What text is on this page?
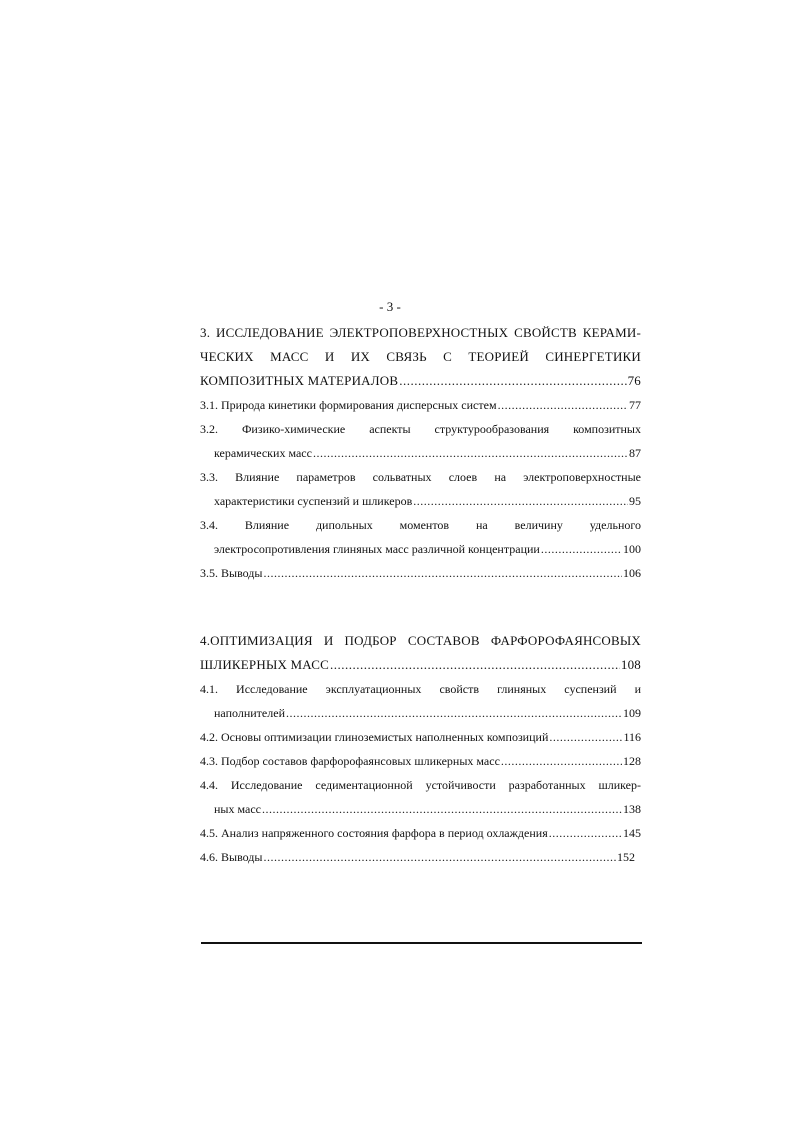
- 3 -
3. ИССЛЕДОВАНИЕ ЭЛЕКТРОПОВЕРХНОСТНЫХ СВОЙСТВ КЕРАМИ-
ЧЕСКИХ МАСС И ИХ СВЯЗЬ С ТЕОРИЕЙ СИНЕРГЕТИКИ
КОМПОЗИТНЫХ МАТЕРИАЛОВ .....	76
3.1. Природа кинетики формирования дисперсных систем .....	77
3.2. Физико-химические аспекты структурообразования композитных
керамических масс .....	87
3.3. Влияние параметров сольватных слоев на электроповерхностные
характеристики суспензий и шликеров .....	95
3.4. Влияние дипольных моментов на величину удельного
электросопротивления глиняных масс различной концентрации .....	100
3.5. Выводы .....	106
4.ОПТИМИЗАЦИЯ И ПОДБОР СОСТАВОВ ФАРФОРОФАЯНСОВЫХ
ШЛИКЕРНЫХ МАСС .....	108
4.1. Исследование эксплуатационных свойств глиняных суспензий и
наполнителей .....	109
4.2. Основы оптимизации глиноземистых наполненных композиций .....	116
4.3. Подбор составов фарфорофаянсовых шликерных масс .....	128
4.4. Исследование седиментационной устойчивости разработанных шликер-
ных масс .....	138
4.5. Анализ напряженного состояния фарфора в период охлаждения .....	145
4.6. Выводы .....	152
